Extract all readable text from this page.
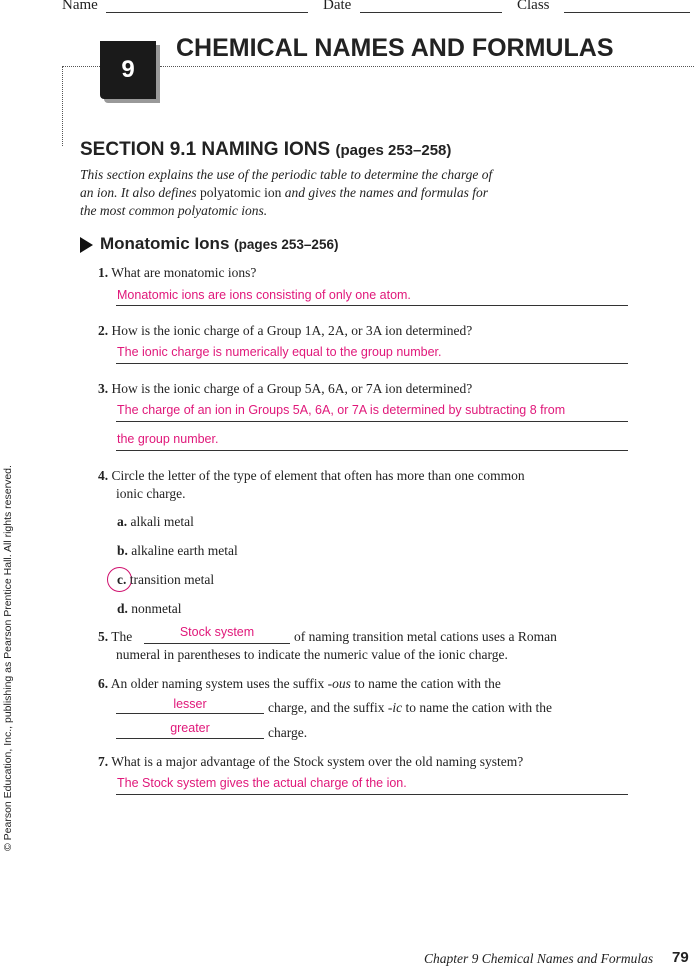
Name	Date	Class
9
CHEMICAL NAMES AND FORMULAS
SECTION 9.1 NAMING IONS (pages 253–258)
This section explains the use of the periodic table to determine the charge of
an ion. It also defines polyatomic ion and gives the names and formulas for
the most common polyatomic ions.
Monatomic Ions (pages 253–256)
1. What are monatomic ions?
Monatomic ions are ions consisting of only one atom.
2. How is the ionic charge of a Group 1A, 2A, or 3A ion determined?
The ionic charge is numerically equal to the group number.
3. How is the ionic charge of a Group 5A, 6A, or 7A ion determined?
The charge of an ion in Groups 5A, 6A, or 7A is determined by subtracting 8 from
the group number.
4. Circle the letter of the type of element that often has more than one common
ionic charge.
a. alkali metal
b. alkaline earth metal
c. transition metal
d. nonmetal
5. The	Stock system	of naming transition metal cations uses a Roman
numeral in parentheses to indicate the numeric value of the ionic charge.
6. An older naming system uses the suffix -ous to name the cation with the
lesser	charge, and the suffix -ic to name the cation with the
greater	charge.
7. What is a major advantage of the Stock system over the old naming system?
The Stock system gives the actual charge of the ion.
© Pearson Education, Inc., publishing as Pearson Prentice Hall. All rights reserved.
Chapter 9 Chemical Names and Formulas 79
